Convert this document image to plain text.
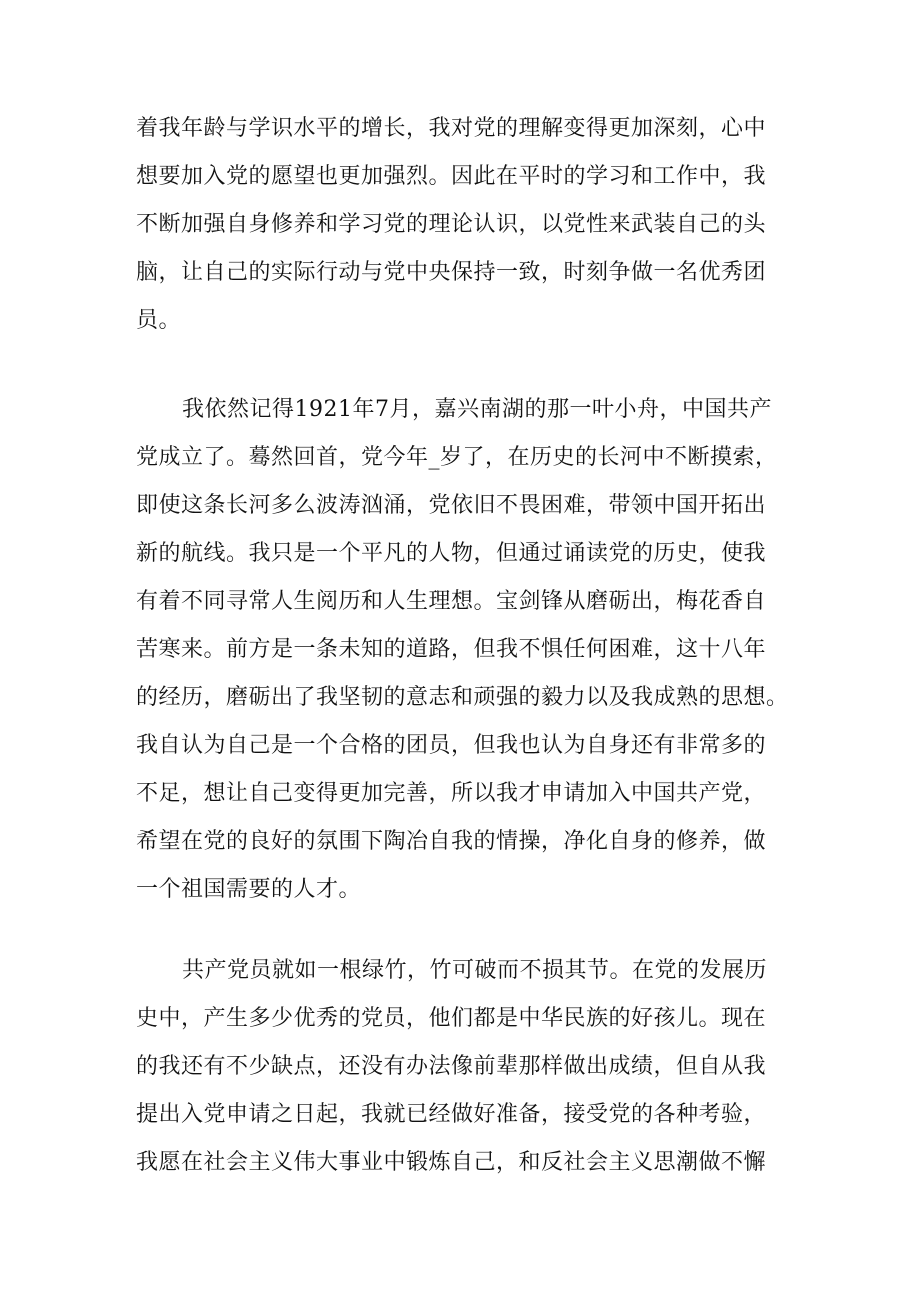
着我年龄与学识水平的增长，我对党的理解变得更加深刻，心中
想要加入党的愿望也更加强烈。因此在平时的学习和工作中，我
不断加强自身修养和学习党的理论认识，以党性来武装自己的头
脑，让自己的实际行动与党中央保持一致，时刻争做一名优秀团
员。
我依然记得1921年7月，嘉兴南湖的那一叶小舟，中国共产
党成立了。蓦然回首，党今年_岁了，在历史的长河中不断摸索，
即使这条长河多么波涛汹涌，党依旧不畏困难，带领中国开拓出
新的航线。我只是一个平凡的人物，但通过诵读党的历史，使我
有着不同寻常人生阅历和人生理想。宝剑锋从磨砺出，梅花香自
苦寒来。前方是一条未知的道路，但我不惧任何困难，这十八年
的经历，磨砺出了我坚韧的意志和顽强的毅力以及我成熟的思想。
我自认为自己是一个合格的团员，但我也认为自身还有非常多的
不足，想让自己变得更加完善，所以我才申请加入中国共产党，
希望在党的良好的氛围下陶冶自我的情操，净化自身的修养，做
一个祖国需要的人才。
共产党员就如一根绿竹，竹可破而不损其节。在党的发展历
史中，产生多少优秀的党员，他们都是中华民族的好孩儿。现在
的我还有不少缺点，还没有办法像前辈那样做出成绩，但自从我
提出入党申请之日起，我就已经做好准备，接受党的各种考验，
我愿在社会主义伟大事业中锻炼自己，和反社会主义思潮做不懈
